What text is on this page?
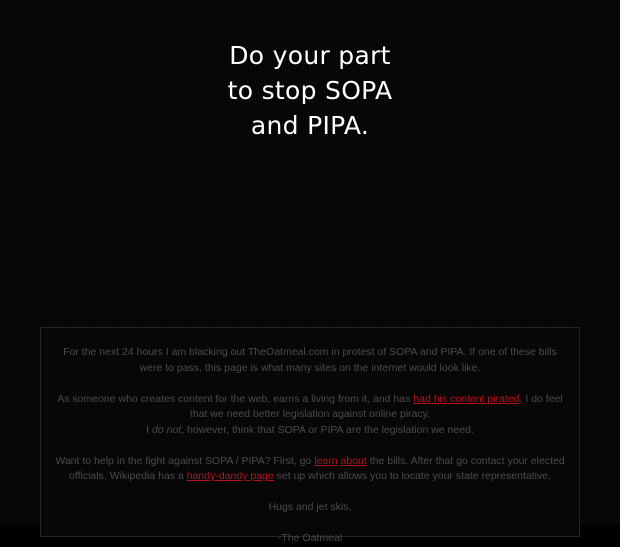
Do your part
to stop SOPA
and PIPA.

For the next 24 hours I am blacking out TheOatmeal.com in protest of SOPA and PIPA. If one of these bills were to pass, this page is what many sites on the internet would look like.

As someone who creates content for the web, earns a living from it, and has had his content pirated, I do feel that we need better legislation against online piracy.
I do not, however, think that SOPA or PIPA are the legislation we need.

Want to help in the fight against SOPA / PIPA? First, go learn about the bills. After that go contact your elected officials. Wikipedia has a handy-dandy page set up which allows you to locate your state representative.

Hugs and jet skis,

-The Oatmeal
